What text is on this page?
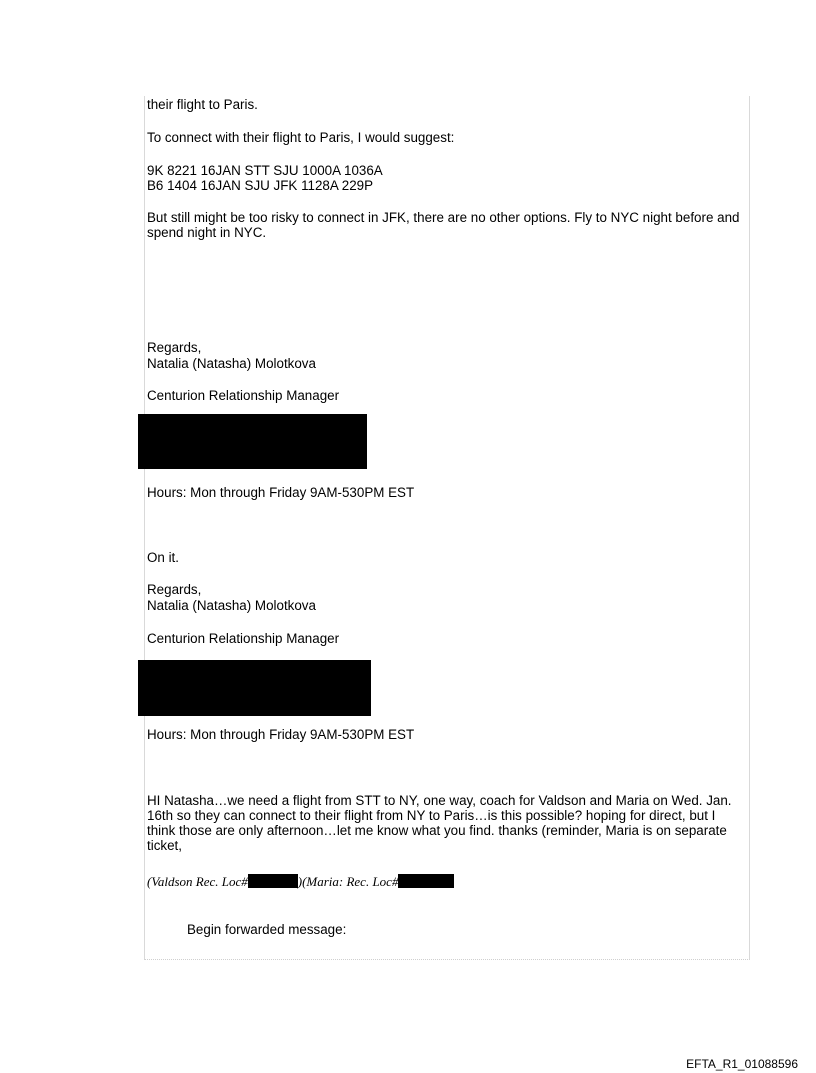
their flight to Paris.
To connect with their flight to Paris, I would suggest:
9K 8221 16JAN STT SJU 1000A 1036A
B6 1404 16JAN SJU JFK 1128A 229P
But still might be too risky to connect in JFK, there are no other options. Fly to NYC night before and spend night in NYC.
Regards,
Natalia (Natasha) Molotkova
Centurion Relationship Manager
Hours: Mon through Friday 9AM-530PM EST
On it.
Regards,
Natalia (Natasha) Molotkova
Centurion Relationship Manager
Hours: Mon through Friday 9AM-530PM EST
HI Natasha…we need a flight from STT to NY, one way, coach for Valdson and Maria on Wed. Jan. 16th so they can connect to their flight from NY to Paris…is this possible? hoping for direct, but I think those are only afternoon…let me know what you find. thanks (reminder, Maria is on separate ticket,
(Valdson Rec. Loc#	)(Maria: Rec. Loc#
Begin forwarded message:
EFTA_R1_01088596
